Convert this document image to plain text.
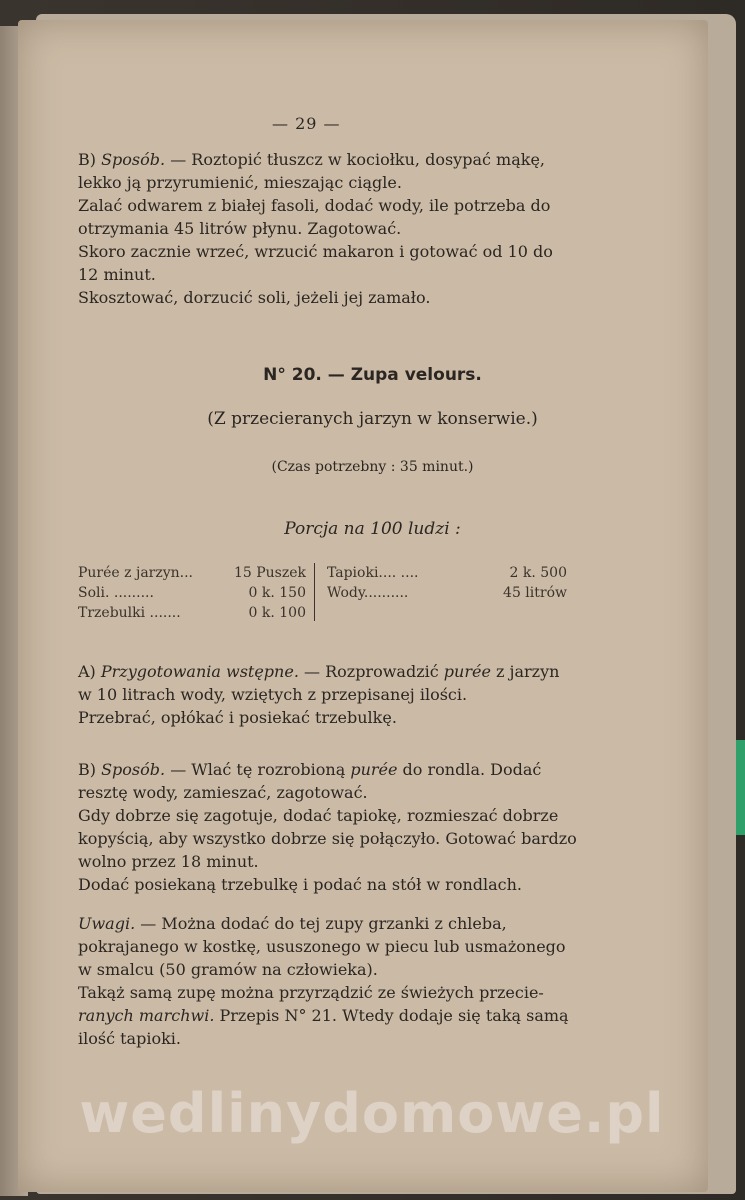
— 29 —

B) Sposób. — Roztopić tłuszcz w kociołku, dosypać mąkę, lekko ją przyrumienić, mieszając ciągle.

Zalać odwarem z białej fasoli, dodać wody, ile potrzeba do otrzymania 45 litrów płynu. Zagotować.

Skoro zacznie wrzeć, wrzucić makaron i gotować od 10 do 12 minut.

Skosztować, dorzucić soli, jeżeli jej zamało.

N° 20. — Zupa velours.
(Z przecieranych jarzyn w konserwie.)
(Czas potrzebny : 35 minut.)
Porcja na 100 ludzi :
Purée z jarzyn...	15 Puszek
Soli. .........	0 k. 150
Trzebulki .......	0 k. 100
Tapioki.... ....	2 k. 500
Wody..........	45 litrów

A) Przygotowania wstępne. — Rozprowadzić purée z jarzyn w 10 litrach wody, wziętych z przepisanej ilości.

Przebrać, opłókać i posiekać trzebulkę.

B) Sposób. — Wlać tę rozrobioną purée do rondla. Dodać resztę wody, zamieszać, zagotować.

Gdy dobrze się zagotuje, dodać tapiokę, rozmieszać dobrze kopyścią, aby wszystko dobrze się połączyło. Gotować bardzo wolno przez 18 minut.

Dodać posiekaną trzebulkę i podać na stół w rondlach.

Uwagi. — Można dodać do tej zupy grzanki z chleba, pokrajanego w kostkę, ususzonego w piecu lub usmażonego w smalcu (50 gramów na człowieka).

Takąż samą zupę można przyrządzić ze świeżych przecie-ranych marchwi. Przepis N° 21. Wtedy dodaje się taką samą ilość tapioki.

wedlinydomowe.pl
